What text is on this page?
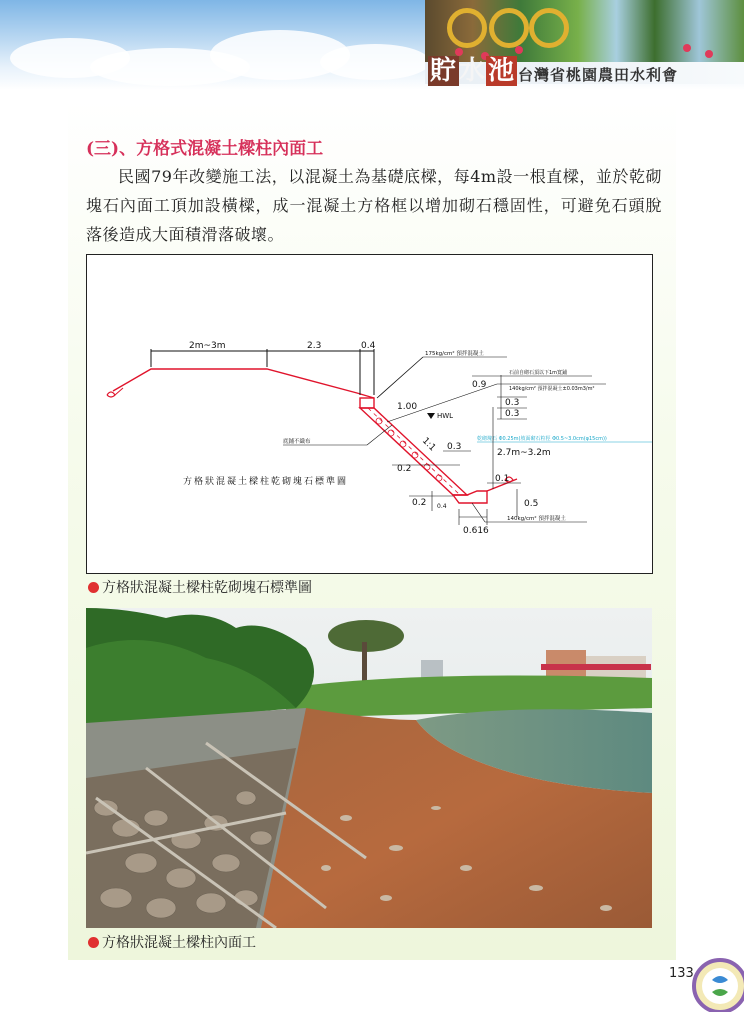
貯水池 台灣省桃園農田水利會
(三)、方格式混凝土樑柱內面工
民國79年改變施工法，以混凝土為基礎底樑，每4m設一根直樑，並於乾砌塊石內面工頂加設橫樑，成一混凝土方格框以增加砌石穩固性，可避免石頭脫落後造成大面積滑落破壞。
2m~3m	2.3	0.4
175kg/cm² 預拌混凝土
石前自砌石頂以下1m寬鋪
0.9	140kg/cm² 預拌混凝土±0.03m3/m²
0.3
0.3
1.00
HWL
1:1	乾砌塊石 Φ0.25m(坡面砌石粒徑 Φ0.5~3.0cm(φ15cm))
2.7m~3.2m
0.3
底鋪不織布
0.2
方格狀混凝土樑柱乾砌塊石標準圖	0.1
0.2 0.4	0.5
140kg/cm² 預拌混凝土
0.616
方格狀混凝土樑柱乾砌塊石標準圖
方格狀混凝土樑柱內面工
133
